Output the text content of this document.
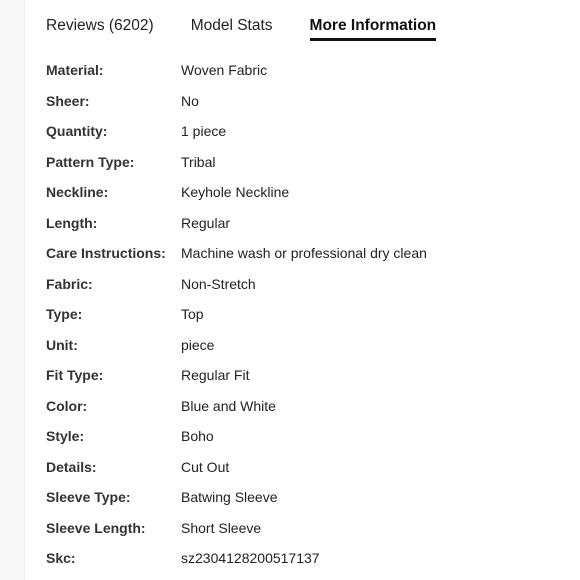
Reviews (6202) Model Stats More Information
Material:	Woven Fabric
Sheer:	No
Quantity:	1 piece
Pattern Type:	Tribal
Neckline:	Keyhole Neckline
Length:	Regular
Care Instructions:	Machine wash or professional dry clean
Fabric:	Non-Stretch
Type:	Top
Unit:	piece
Fit Type:	Regular Fit
Color:	Blue and White
Style:	Boho
Details:	Cut Out
Sleeve Type:	Batwing Sleeve
Sleeve Length:	Short Sleeve
Skc:	sz2304128200517137
